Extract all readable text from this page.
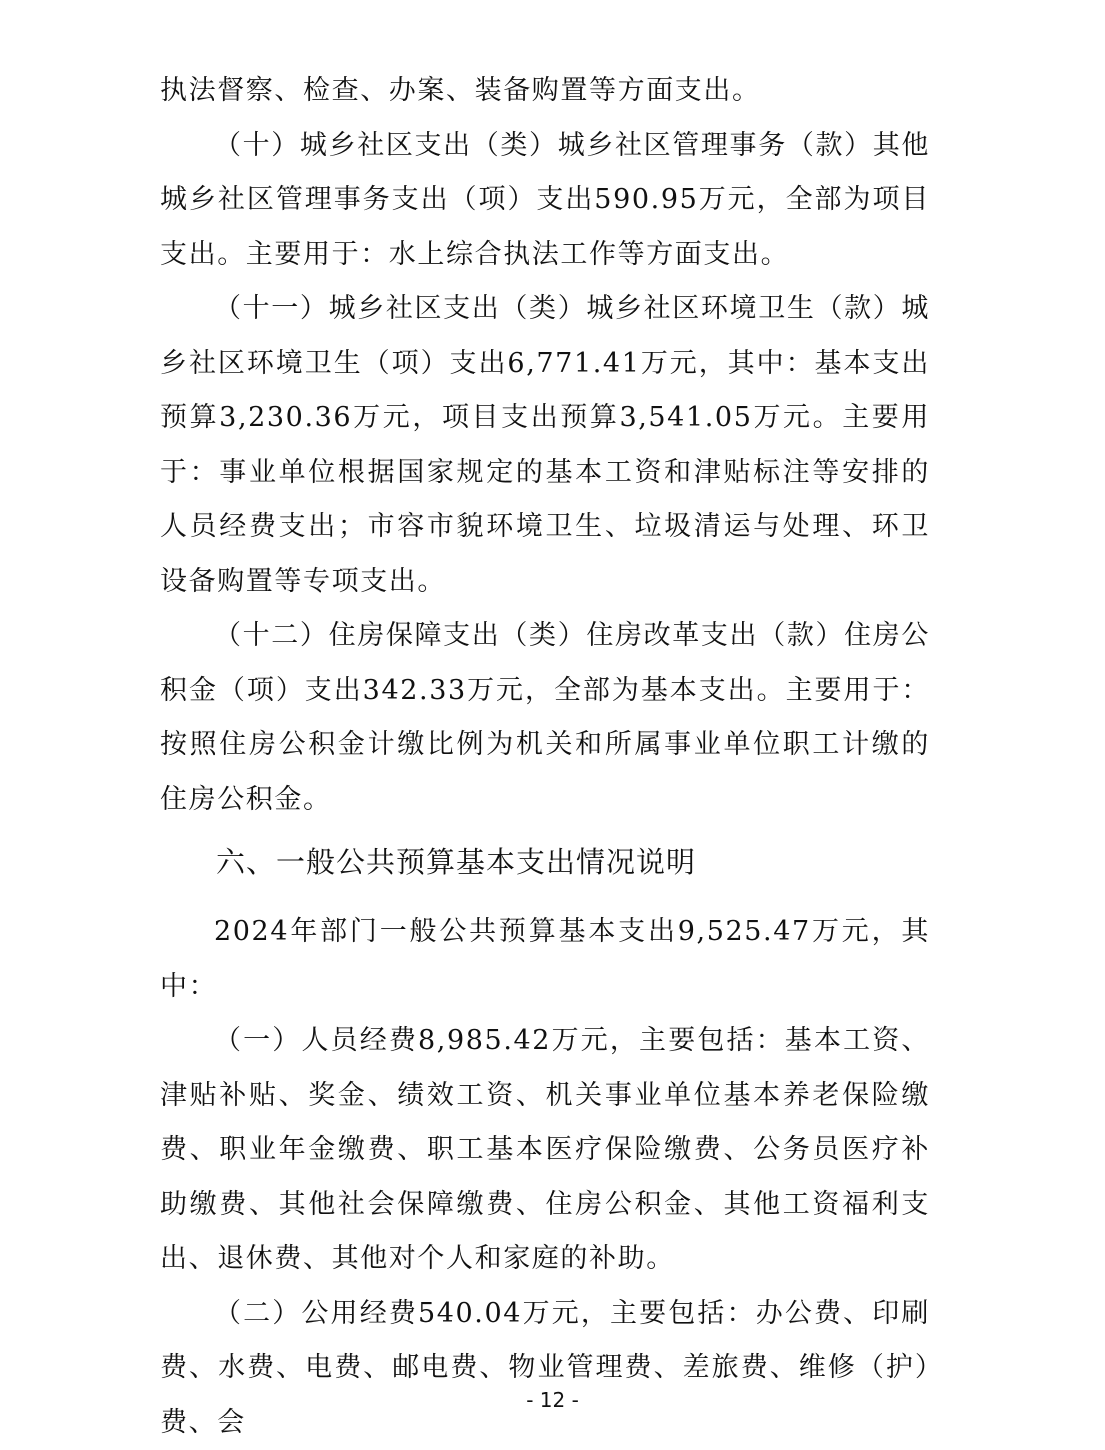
执法督察、检查、办案、装备购置等方面支出。

（十）城乡社区支出（类）城乡社区管理事务（款）其他城乡社区管理事务支出（项）支出590.95万元，全部为项目支出。主要用于：水上综合执法工作等方面支出。

（十一）城乡社区支出（类）城乡社区环境卫生（款）城乡社区环境卫生（项）支出6,771.41万元，其中：基本支出预算3,230.36万元，项目支出预算3,541.05万元。主要用于：事业单位根据国家规定的基本工资和津贴标注等安排的人员经费支出；市容市貌环境卫生、垃圾清运与处理、环卫设备购置等专项支出。

（十二）住房保障支出（类）住房改革支出（款）住房公积金（项）支出342.33万元，全部为基本支出。主要用于：按照住房公积金计缴比例为机关和所属事业单位职工计缴的住房公积金。

六、一般公共预算基本支出情况说明

2024年部门一般公共预算基本支出9,525.47万元，其中：

（一）人员经费8,985.42万元，主要包括：基本工资、津贴补贴、奖金、绩效工资、机关事业单位基本养老保险缴费、职业年金缴费、职工基本医疗保险缴费、公务员医疗补助缴费、其他社会保障缴费、住房公积金、其他工资福利支出、退休费、其他对个人和家庭的补助。

（二）公用经费540.04万元，主要包括：办公费、印刷费、水费、电费、邮电费、物业管理费、差旅费、维修（护）费、会

- 12 -
